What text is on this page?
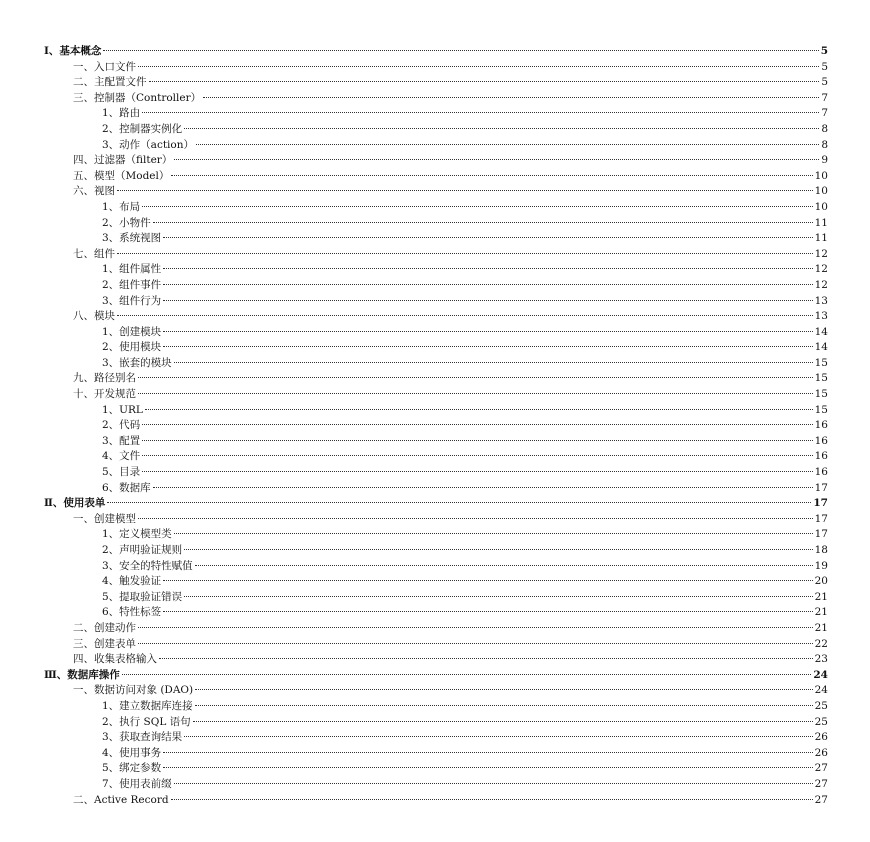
Ⅰ、基本概念	5
一、入口文件	5
二、主配置文件	5
三、控制器（Controller）	7
1、路由	7
2、控制器实例化	8
3、动作（action）	8
四、过滤器（filter）	9
五、模型（Model）	10
六、视图	10
1、布局	10
2、小物件	11
3、系统视图	11
七、组件	12
1、组件属性	12
2、组件事件	12
3、组件行为	13
八、模块	13
1、创建模块	14
2、使用模块	14
3、嵌套的模块	15
九、路径别名	15
十、开发规范	15
1、URL	15
2、代码	16
3、配置	16
4、文件	16
5、目录	16
6、数据库	17
Ⅱ、使用表单	17
一、创建模型	17
1、定义模型类	17
2、声明验证规则	18
3、安全的特性赋值	19
4、触发验证	20
5、提取验证错误	21
6、特性标签	21
二、创建动作	21
三、创建表单	22
四、收集表格输入	23
Ⅲ、数据库操作	24
一、数据访问对象 (DAO)	24
1、建立数据库连接	25
2、执行 SQL 语句	25
3、获取查询结果	26
4、使用事务	26
5、绑定参数	27
7、使用表前缀	27
二、Active Record	27
